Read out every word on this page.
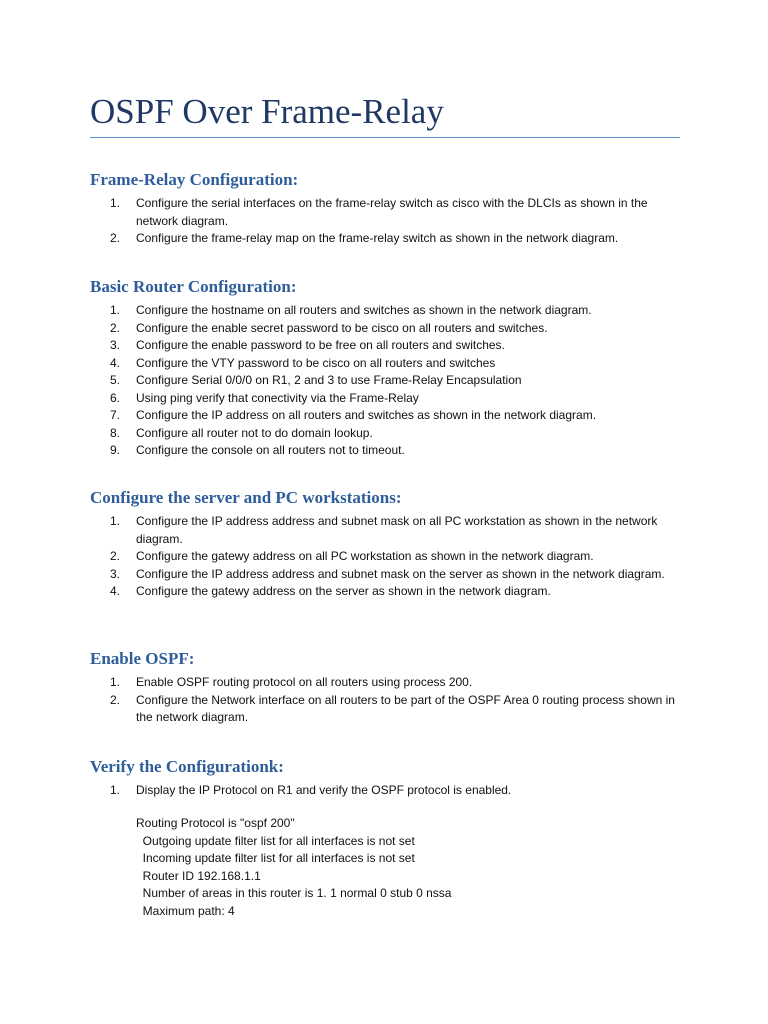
OSPF Over Frame-Relay
Frame-Relay Configuration:
1.	Configure the serial interfaces on the frame-relay switch as cisco with the DLCIs as shown in the network diagram.
2.	Configure the frame-relay map on the frame-relay switch as shown in the network diagram.
Basic Router Configuration:
1.	Configure the hostname on all routers and switches as shown in the network diagram.
2.	Configure the enable secret password to be cisco on all routers and switches.
3.	Configure the enable password to be free on all routers and switches.
4.	Configure the VTY password to be cisco on all routers and switches
5.	Configure Serial 0/0/0 on R1, 2 and 3 to use Frame-Relay Encapsulation
6.	Using ping verify that conectivity via the Frame-Relay
7.	Configure the IP address on all routers and switches as shown in the network diagram.
8.	Configure all router not to do domain lookup.
9.	Configure the console on all routers not to timeout.
Configure the server and PC workstations:
1.	Configure the IP address address and subnet mask on all PC workstation as shown in the network diagram.
2.	Configure the gatewy address on all PC workstation as shown in the network diagram.
3.	Configure the IP address address and subnet mask on the server as shown in the network diagram.
4.	Configure the gatewy address on the server as shown in the network diagram.
Enable OSPF:
1.	Enable OSPF routing protocol on all routers using process 200.
2.	Configure the Network interface on all routers to be part of the OSPF Area 0 routing process shown in the network diagram.
Verify the Configurationk:
1.	Display the IP Protocol on R1 and verify the OSPF protocol is enabled.
Routing Protocol is "ospf 200"
Outgoing update filter list for all interfaces is not set
Incoming update filter list for all interfaces is not set
Router ID 192.168.1.1
Number of areas in this router is 1. 1 normal 0 stub 0 nssa
Maximum path: 4
